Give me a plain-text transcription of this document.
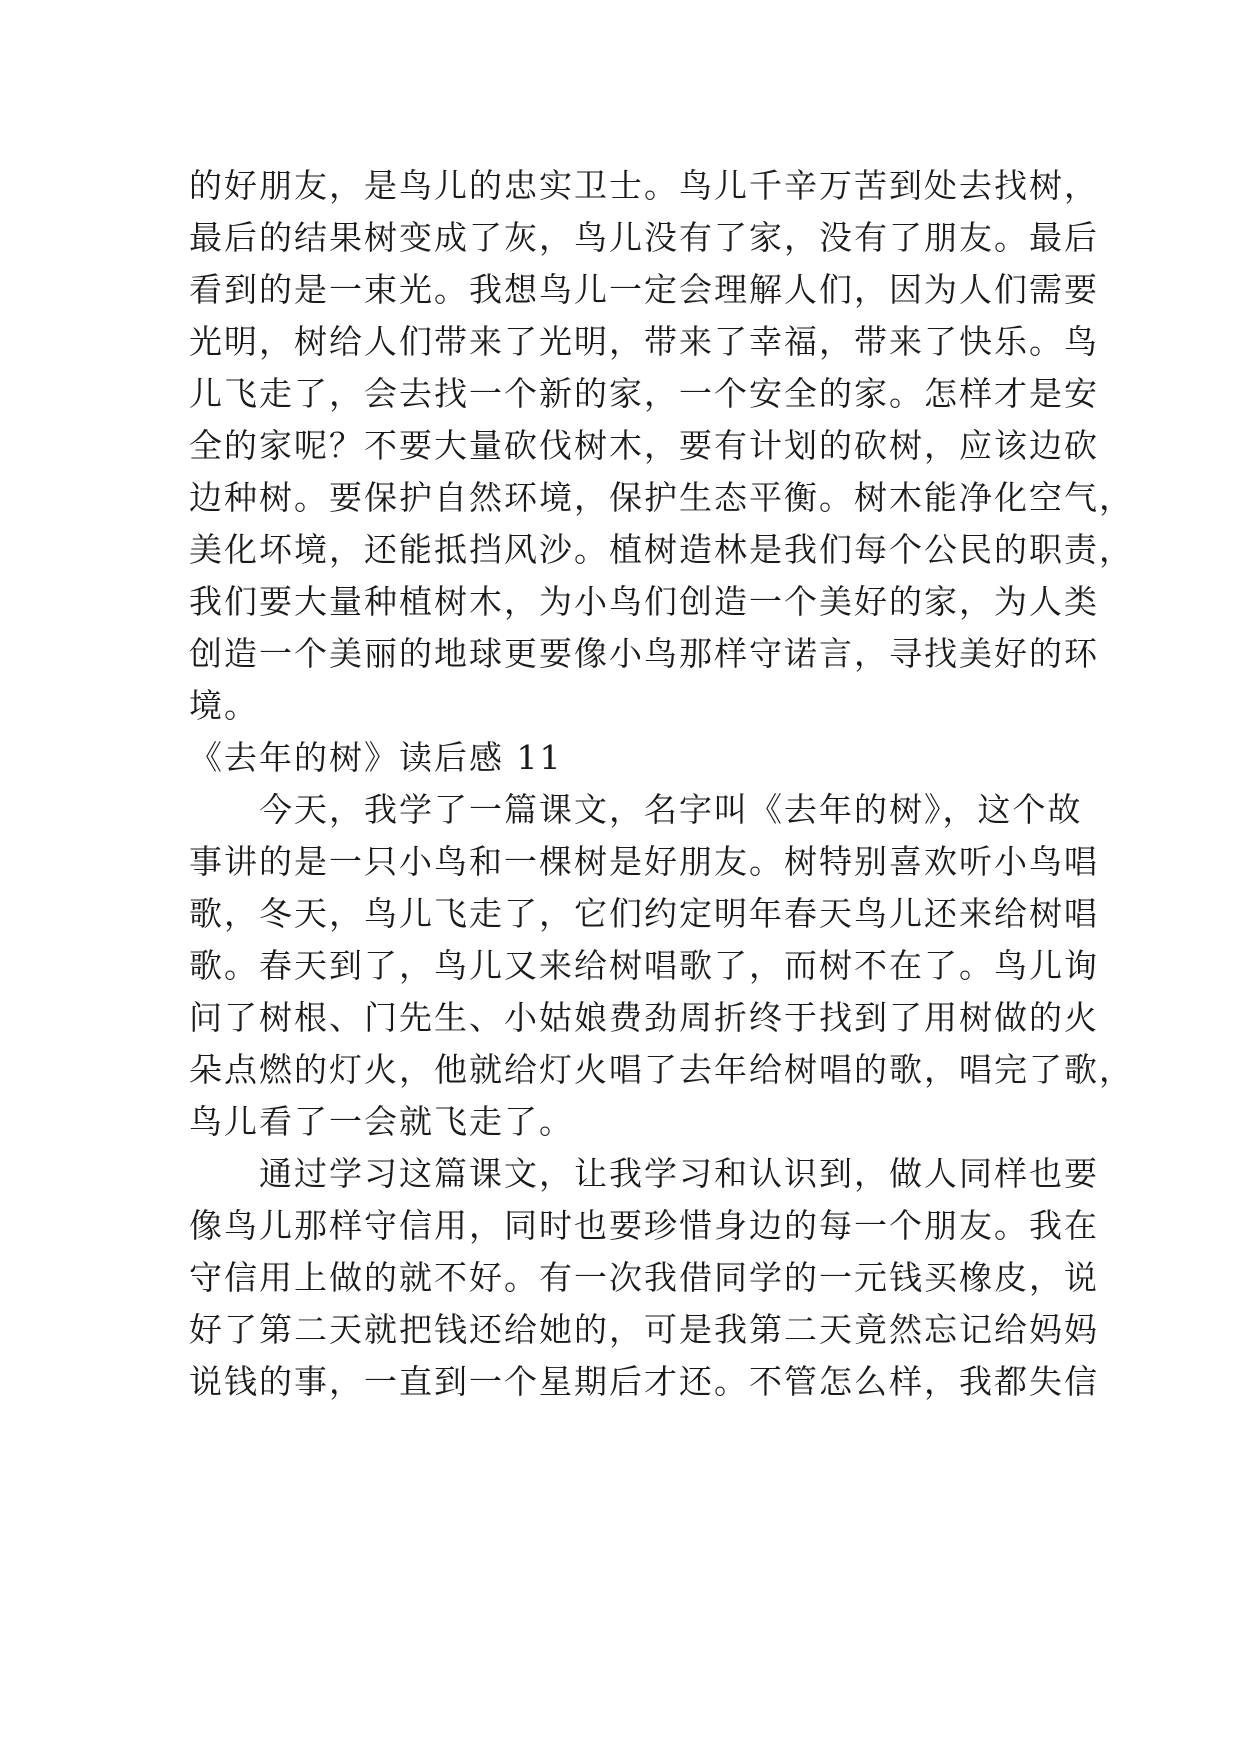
的好朋友，是鸟儿的忠实卫士。鸟儿千辛万苦到处去找树，
最后的结果树变成了灰，鸟儿没有了家，没有了朋友。最后
看到的是一束光。我想鸟儿一定会理解人们，因为人们需要
光明，树给人们带来了光明，带来了幸福，带来了快乐。鸟
儿飞走了，会去找一个新的家，一个安全的家。怎样才是安
全的家呢？不要大量砍伐树木，要有计划的砍树，应该边砍
边种树。要保护自然环境，保护生态平衡。树木能净化空气，
美化坏境，还能抵挡风沙。植树造林是我们每个公民的职责，
我们要大量种植树木，为小鸟们创造一个美好的家，为人类
创造一个美丽的地球更要像小鸟那样守诺言，寻找美好的环
境。
《去年的树》读后感 11
　　今天，我学了一篇课文，名字叫《去年的树》，这个故
事讲的是一只小鸟和一棵树是好朋友。树特别喜欢听小鸟唱
歌，冬天，鸟儿飞走了，它们约定明年春天鸟儿还来给树唱
歌。春天到了，鸟儿又来给树唱歌了，而树不在了。鸟儿询
问了树根、门先生、小姑娘费劲周折终于找到了用树做的火
朵点燃的灯火，他就给灯火唱了去年给树唱的歌，唱完了歌，
鸟儿看了一会就飞走了。
　　通过学习这篇课文，让我学习和认识到，做人同样也要
像鸟儿那样守信用，同时也要珍惜身边的每一个朋友。我在
守信用上做的就不好。有一次我借同学的一元钱买橡皮，说
好了第二天就把钱还给她的，可是我第二天竟然忘记给妈妈
说钱的事，一直到一个星期后才还。不管怎么样，我都失信
